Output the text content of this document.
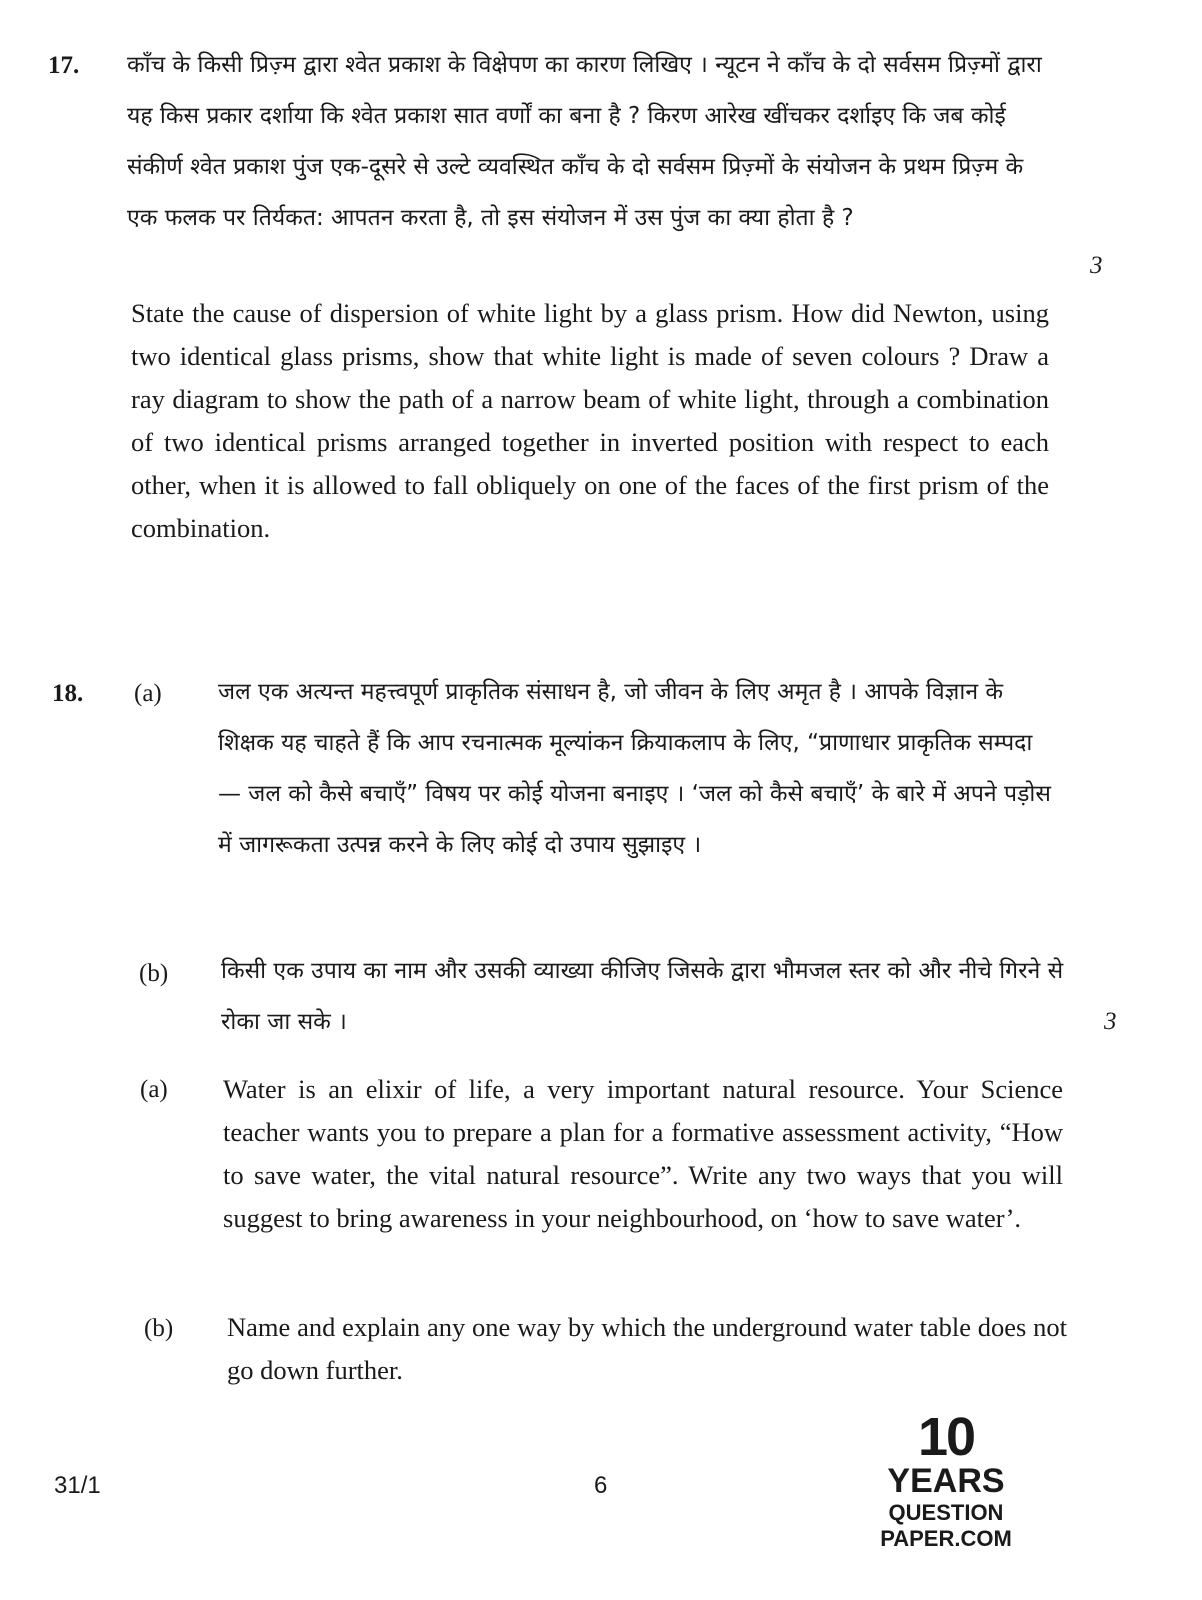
17. काँच के किसी प्रिज़्म द्वारा श्वेत प्रकाश के विक्षेपण का कारण लिखिए । न्यूटन ने काँच के दो सर्वसम प्रिज़्मों द्वारा यह किस प्रकार दर्शाया कि श्वेत प्रकाश सात वर्णों का बना है ? किरण आरेख खींचकर दर्शाइए कि जब कोई संकीर्ण श्वेत प्रकाश पुंज एक-दूसरे से उल्टे व्यवस्थित काँच के दो सर्वसम प्रिज़्मों के संयोजन के प्रथम प्रिज़्म के एक फलक पर तिर्यकत: आपतन करता है, तो इस संयोजन में उस पुंज का क्या होता है ?

3

State the cause of dispersion of white light by a glass prism. How did Newton, using two identical glass prisms, show that white light is made of seven colours ? Draw a ray diagram to show the path of a narrow beam of white light, through a combination of two identical prisms arranged together in inverted position with respect to each other, when it is allowed to fall obliquely on one of the faces of the first prism of the combination.

18. (a) जल एक अत्यन्त महत्त्वपूर्ण प्राकृतिक संसाधन है, जो जीवन के लिए अमृत है । आपके विज्ञान के शिक्षक यह चाहते हैं कि आप रचनात्मक मूल्यांकन क्रियाकलाप के लिए, “प्राणाधार प्राकृतिक सम्पदा — जल को कैसे बचाएँ” विषय पर कोई योजना बनाइए । ‘जल को कैसे बचाएँ’ के बारे में अपने पड़ोस में जागरूकता उत्पन्न करने के लिए कोई दो उपाय सुझाइए ।

(b) किसी एक उपाय का नाम और उसकी व्याख्या कीजिए जिसके द्वारा भौमजल स्तर को और नीचे गिरने से रोका जा सके ।	3
(a) Water is an elixir of life, a very important natural resource. Your Science teacher wants you to prepare a plan for a formative assessment activity, “How to save water, the vital natural resource”. Write any two ways that you will suggest to bring awareness in your neighbourhood, on ‘how to save water’.

(b) Name and explain any one way by which the underground water table does not go down further.

31/1	6
10
YEARS
QUESTION PAPER.COM
